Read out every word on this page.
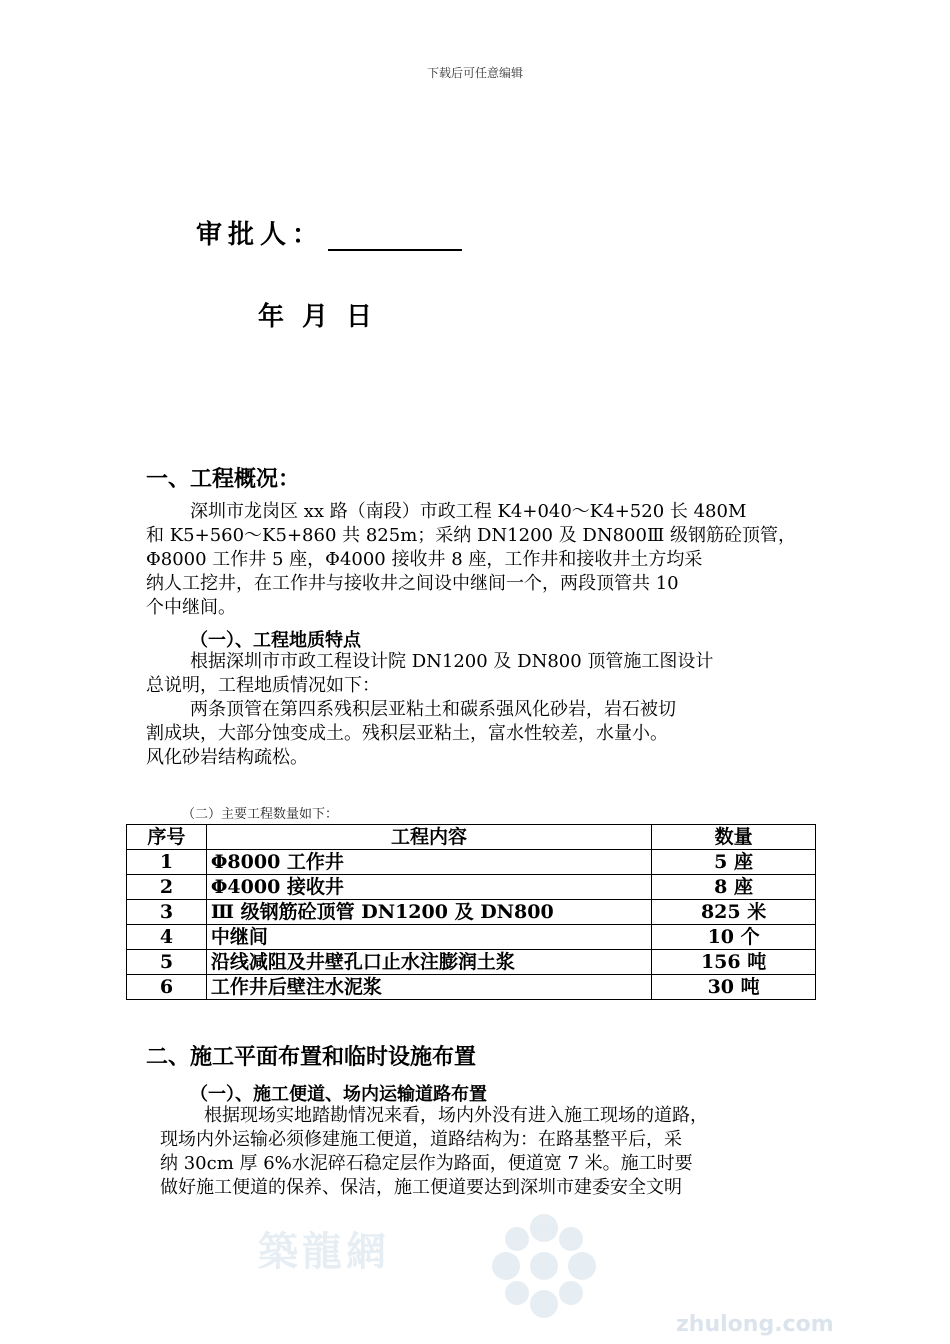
下载后可任意编辑
审批人：
年月日
一、工程概况：
深圳市龙岗区 xx 路（南段）市政工程 K4+040～K4+520 长 480M
和 K5+560～K5+860 共 825m；采纳 DN1200 及 DN800Ⅲ 级钢筋砼顶管，
Φ8000 工作井 5 座，Φ4000 接收井 8 座，工作井和接收井土方均采
纳人工挖井，在工作井与接收井之间设中继间一个，两段顶管共 10
个中继间。
（一）、工程地质特点
根据深圳市市政工程设计院 DN1200 及 DN800 顶管施工图设计
总说明，工程地质情况如下：
两条顶管在第四系残积层亚粘土和碳系强风化砂岩，岩石被切
割成块，大部分蚀变成土。残积层亚粘土，富水性较差，水量小。
风化砂岩结构疏松。
（二）主要工程数量如下：
序号	工程内容	数量
1	Φ8000 工作井	5 座
2	Φ4000 接收井	8 座
3	Ⅲ 级钢筋砼顶管 DN1200 及 DN800	825 米
4	中继间	10 个
5	沿线减阻及井壁孔口止水注膨润土浆	156 吨
6	工作井后壁注水泥浆	30 吨
二、施工平面布置和临时设施布置
（一）、施工便道、场内运输道路布置
根据现场实地踏勘情况来看，场内外没有进入施工现场的道路，
现场内外运输必须修建施工便道，道路结构为：在路基整平后，采
纳 30cm 厚 6%水泥碎石稳定层作为路面，便道宽 7 米。施工时要
做好施工便道的保养、保洁，施工便道要达到深圳市建委安全文明
築龍網
zhulong.com
